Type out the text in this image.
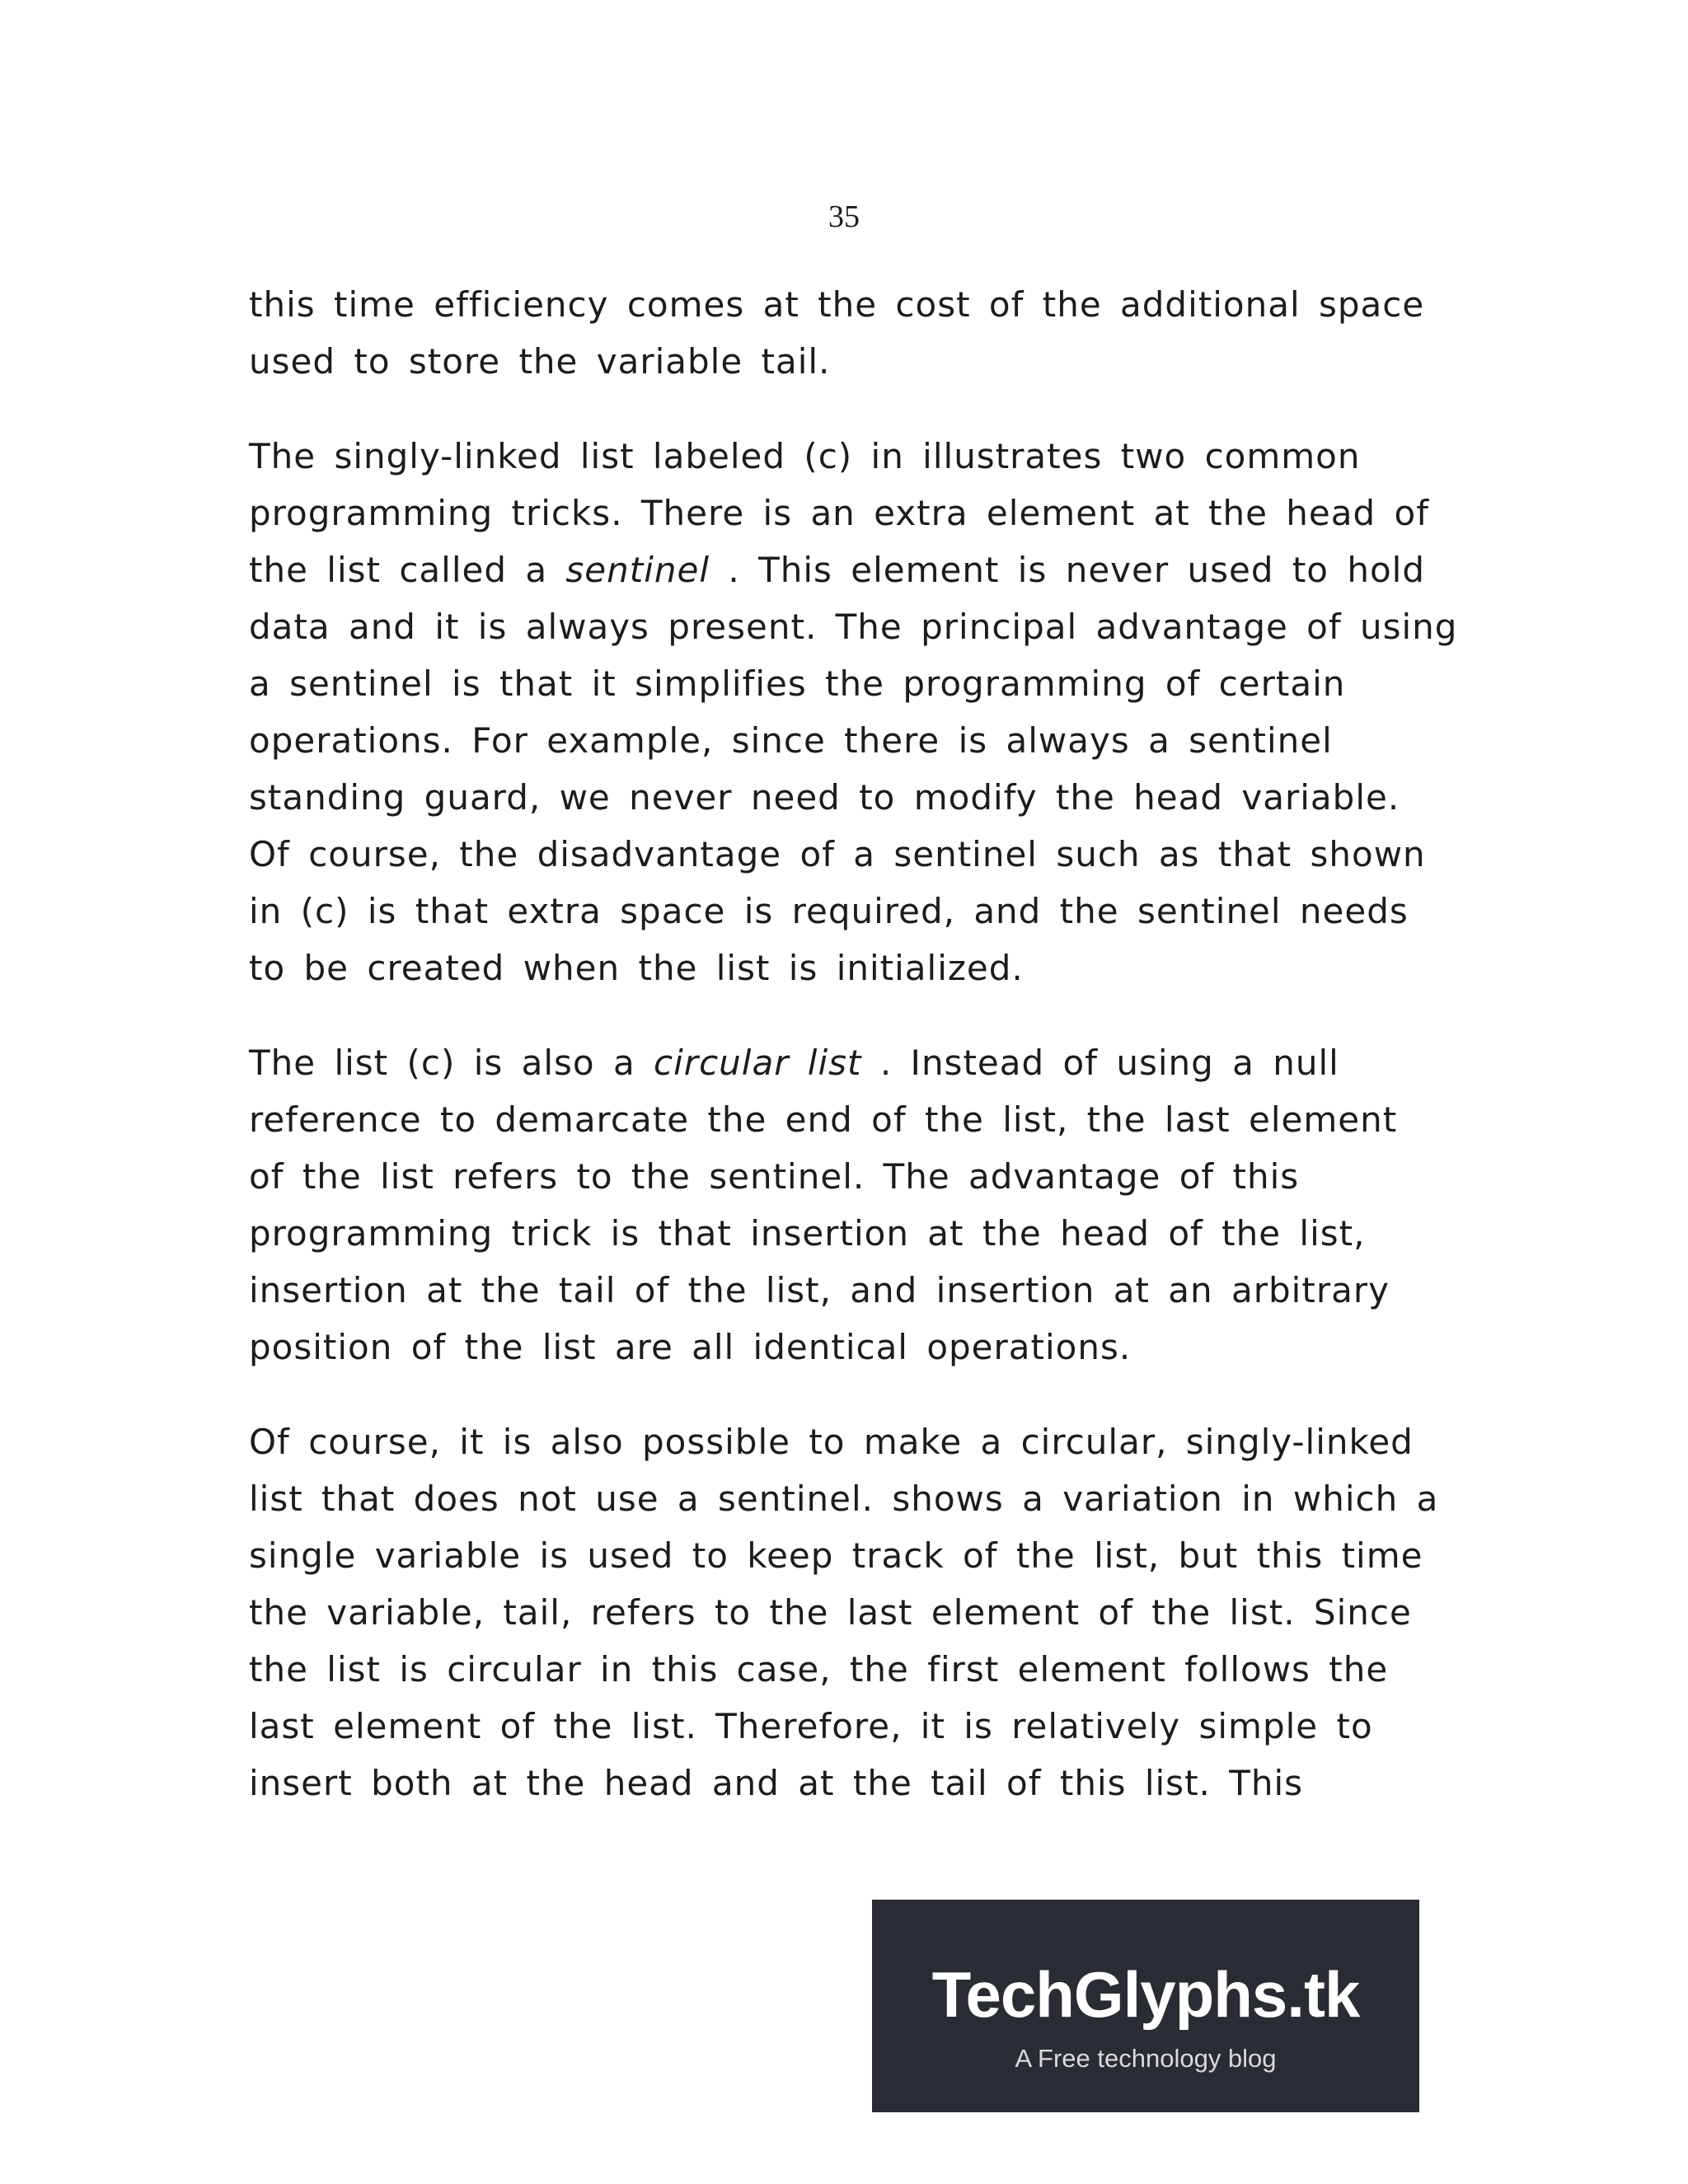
35
this time efficiency comes at the cost of the additional space
used to store the variable tail.
The singly-linked list labeled (c) in illustrates two common
programming tricks. There is an extra element at the head of
the list called a sentinel . This element is never used to hold
data and it is always present. The principal advantage of using
a sentinel is that it simplifies the programming of certain
operations. For example, since there is always a sentinel
standing guard, we never need to modify the head variable.
Of course, the disadvantage of a sentinel such as that shown
in (c) is that extra space is required, and the sentinel needs
to be created when the list is initialized.
The list (c) is also a circular list . Instead of using a null
reference to demarcate the end of the list, the last element
of the list refers to the sentinel. The advantage of this
programming trick is that insertion at the head of the list,
insertion at the tail of the list, and insertion at an arbitrary
position of the list are all identical operations.
Of course, it is also possible to make a circular, singly-linked
list that does not use a sentinel. shows a variation in which a
single variable is used to keep track of the list, but this time
the variable, tail, refers to the last element of the list. Since
the list is circular in this case, the first element follows the
last element of the list. Therefore, it is relatively simple to
insert both at the head and at the tail of this list. This
TechGlyphs.tk
A Free technology blog
